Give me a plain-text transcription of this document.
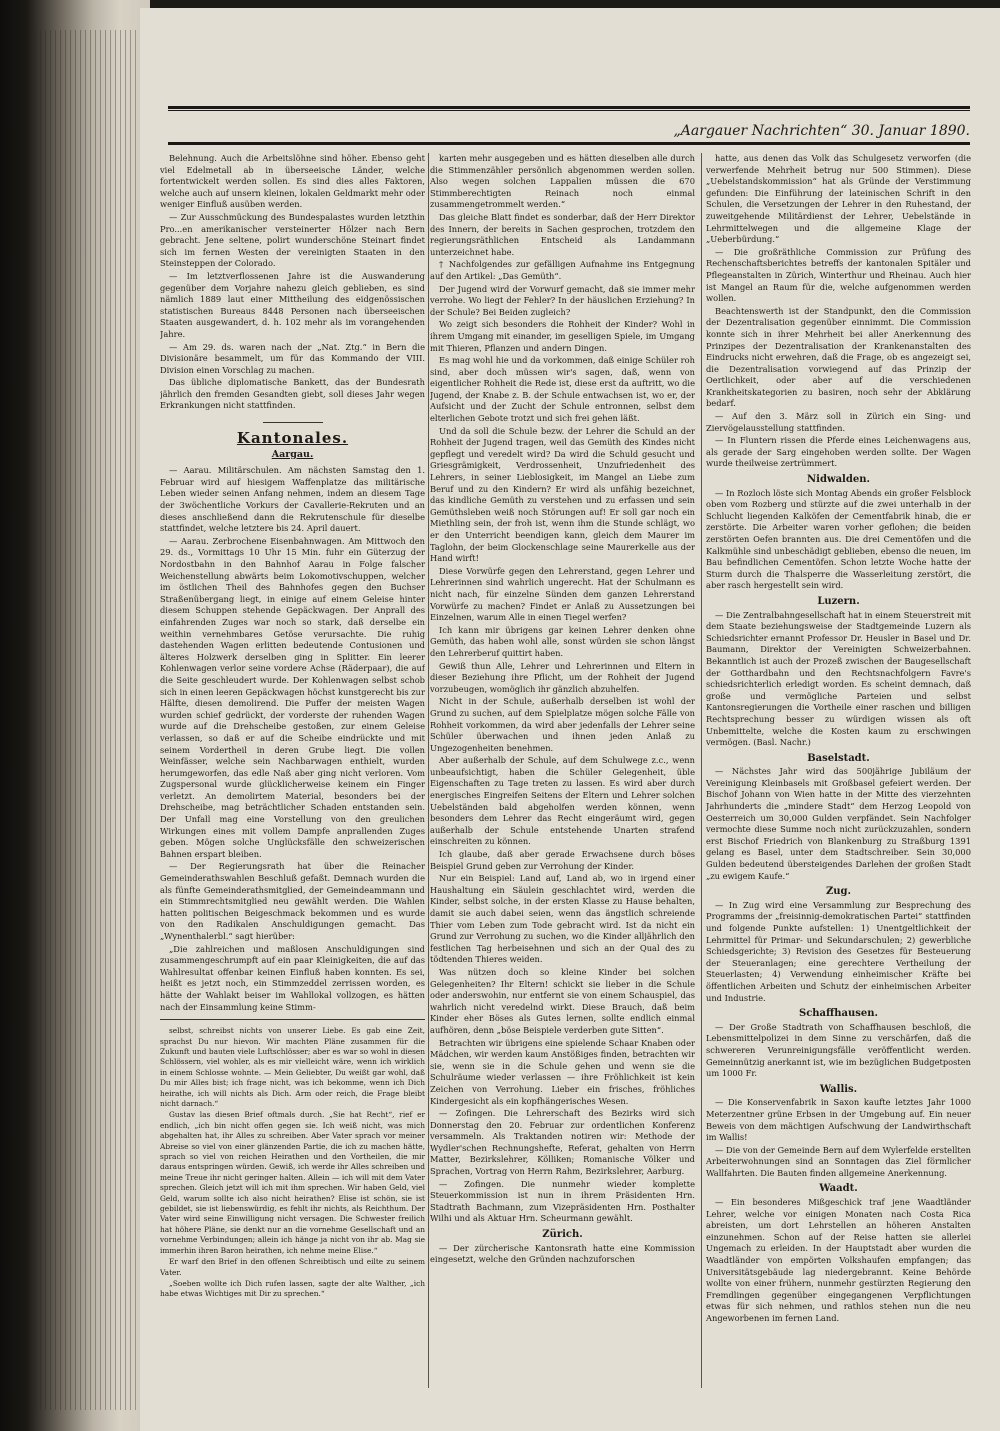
„Aargauer Nachrichten“ 30. Januar 1890.

Belehnung. Auch die Arbeitslöhne sind höher. Ebenso geht viel Edelmetall ab in überseeische Länder, welche fortentwickelt werden sollen. Es sind dies alles Faktoren, welche auch auf unsern kleinen, lokalen Geldmarkt mehr oder weniger Einfluß ausüben werden.

— Zur Ausschmückung des Bundespalastes wurden letzthin Pro...en amerikanischer versteinerter Hölzer nach Bern gebracht. Jene seltene, polirt wunderschöne Steinart findet sich im fernen Westen der vereinigten Staaten in den Steinsteppen der Colorado.

— Im letztverflossenen Jahre ist die Auswanderung gegenüber dem Vorjahre nahezu gleich geblieben, es sind nämlich 1889 laut einer Mittheilung des eidgenössischen statistischen Bureaus 8448 Personen nach überseeischen Staaten ausgewandert, d. h. 102 mehr als im vorangehenden Jahre.

— Am 29. ds. waren nach der „Nat. Ztg.“ in Bern die Divisionäre besammelt, um für das Kommando der VIII. Division einen Vorschlag zu machen.

Das übliche diplomatische Bankett, das der Bundesrath jährlich den fremden Gesandten giebt, soll dieses Jahr wegen Erkrankungen nicht stattfinden.

Kantonales.
Aargau.

— Aarau. Militärschulen. Am nächsten Samstag den 1. Februar wird auf hiesigem Waffenplatze das militärische Leben wieder seinen Anfang nehmen, indem an diesem Tage der 3wöchentliche Vorkurs der Cavallerie-Rekruten und an dieses anschließend dann die Rekrutenschule für dieselbe stattfindet, welche letztere bis 24. April dauert.

— Aarau. Zerbrochene Eisenbahnwagen. Am Mittwoch den 29. ds., Vormittags 10 Uhr 15 Min. fuhr ein Güterzug der Nordostbahn in den Bahnhof Aarau in Folge falscher Weichenstellung abwärts beim Lokomotivschuppen, welcher im östlichen Theil des Bahnhofes gegen den Buchser Straßenübergang liegt, in einige auf einem Geleise hinter diesem Schuppen stehende Gepäckwagen. Der Anprall des einfahrenden Zuges war noch so stark, daß derselbe ein weithin vernehmbares Getöse verursachte. Die ruhig dastehenden Wagen erlitten bedeutende Contusionen und älteres Holzwerk derselben ging in Splitter. Ein leerer Kohlenwagen verlor seine vordere Achse (Räderpaar), die auf die Seite geschleudert wurde. Der Kohlenwagen selbst schob sich in einen leeren Gepäckwagen höchst kunstgerecht bis zur Hälfte, diesen demolirend. Die Puffer der meisten Wagen wurden schief gedrückt, der vorderste der ruhenden Wagen wurde auf die Drehscheibe gestoßen, zur einem Geleise verlassen, so daß er auf die Scheibe eindrückte und mit seinem Vordertheil in deren Grube liegt. Die vollen Weinfässer, welche sein Nachbarwagen enthielt, wurden herumgeworfen, das edle Naß aber ging nicht verloren. Vom Zugspersonal wurde glücklicherweise keinem ein Finger verletzt. An demolirtem Material, besonders bei der Drehscheibe, mag beträchtlicher Schaden entstanden sein. Der Unfall mag eine Vorstellung von den greulichen Wirkungen eines mit vollem Dampfe anprallenden Zuges geben. Mögen solche Unglücksfälle den schweizerischen Bahnen erspart bleiben.

— Der Regierungsrath hat über die Reinacher Gemeinderathswahlen Beschluß gefaßt. Demnach wurden die als fünfte Gemeinderathsmitglied, der Gemeindeammann und ein Stimmrechtsmitglied neu gewählt werden. Die Wahlen hatten politischen Beigeschmack bekommen und es wurde von den Radikalen Anschuldigungen gemacht. Das „Wynenthalerbl.“ sagt hierüber:

„Die zahlreichen und maßlosen Anschuldigungen sind zusammengeschrumpft auf ein paar Kleinigkeiten, die auf das Wahlresultat offenbar keinen Einfluß haben konnten. Es sei, heißt es jetzt noch, ein Stimmzeddel zerrissen worden, es hätte der Wahlakt beiser im Wahllokal vollzogen, es hätten nach der Einsammlung keine Stimm-

selbst, schreibst nichts von unserer Liebe. Es gab eine Zeit, sprachst Du nur hievon. Wir machten Pläne zusammen für die Zukunft und bauten viele Luftschlösser; aber es war so wohl in diesen Schlössern, viel wohler, als es mir vielleicht wäre, wenn ich wirklich in einem Schlosse wohnte. — Mein Geliebter, Du weißt gar wohl, daß Du mir Alles bist; ich frage nicht, was ich bekomme, wenn ich Dich heirathe, ich will nichts als Dich. Arm oder reich, die Frage bleibt nicht darnach.“

Gustav las diesen Brief oftmals durch. „Sie hat Recht“, rief er endlich, „ich bin nicht offen gegen sie. Ich weiß nicht, was mich abgehalten hat, ihr Alles zu schreiben. Aber Vater sprach vor meiner Abreise so viel von einer glänzenden Partie, die ich zu machen hätte, sprach so viel von reichen Heirathen und den Vortheilen, die mir daraus entspringen würden. Gewiß, ich werde ihr Alles schreiben und meine Treue ihr nicht geringer halten. Allein — ich will mit dem Vater sprechen. Gleich jetzt will ich mit ihm sprechen. Wir haben Geld, viel Geld, warum sollte ich also nicht heirathen? Elise ist schön, sie ist gebildet, sie ist liebenswürdig, es fehlt ihr nichts, als Reichthum. Der Vater wird seine Einwilligung nicht versagen. Die Schwester freilich hat höhere Pläne, sie denkt nur an die vornehme Gesellschaft und an vornehme Verbindungen; allein ich hänge ja nicht von ihr ab. Mag sie immerhin ihren Baron heirathen, ich nehme meine Elise.“

Er warf den Brief in den offenen Schreibtisch und eilte zu seinem Vater.

„Soeben wollte ich Dich rufen lassen, sagte der alte Walther, „ich habe etwas Wichtiges mit Dir zu sprechen.“

karten mehr ausgegeben und es hätten dieselben alle durch die Stimmenzähler persönlich abgenommen werden sollen. Also wegen solchen Lappalien müssen die 670 Stimmberechtigten Reinach noch einmal zusammengetrommelt werden.“

Das gleiche Blatt findet es sonderbar, daß der Herr Direktor des Innern, der bereits in Sachen gesprochen, trotzdem den regierungsräthlichen Entscheid als Landammann unterzeichnet habe.

† Nachfolgendes zur gefälligen Aufnahme ins Entgegnung auf den Artikel: „Das Gemüth“.

Der Jugend wird der Vorwurf gemacht, daß sie immer mehr verrohe. Wo liegt der Fehler? In der häuslichen Erziehung? In der Schule? Bei Beiden zugleich?

Wo zeigt sich besonders die Rohheit der Kinder? Wohl in ihrem Umgang mit einander, im geselligen Spiele, im Umgang mit Thieren, Pflanzen und andern Dingen.

Es mag wohl hie und da vorkommen, daß einige Schüler roh sind, aber doch müssen wir's sagen, daß, wenn von eigentlicher Rohheit die Rede ist, diese erst da auftritt, wo die Jugend, der Knabe z. B. der Schule entwachsen ist, wo er, der Aufsicht und der Zucht der Schule entronnen, selbst dem elterlichen Gebote trotzt und sich frei gehen läßt.

Und da soll die Schule bezw. der Lehrer die Schuld an der Rohheit der Jugend tragen, weil das Gemüth des Kindes nicht gepflegt und veredelt wird? Da wird die Schuld gesucht und Griesgrämigkeit, Verdrossenheit, Unzufriedenheit des Lehrers, in seiner Lieblosigkeit, im Mangel an Liebe zum Beruf und zu den Kindern? Er wird als unfähig bezeichnet, das kindliche Gemüth zu verstehen und zu erfassen und sein Gemüthsleben weiß noch Störungen auf! Er soll gar noch ein Miethling sein, der froh ist, wenn ihm die Stunde schlägt, wo er den Unterricht beendigen kann, gleich dem Maurer im Taglohn, der beim Glockenschlage seine Maurerkelle aus der Hand wirft!

Diese Vorwürfe gegen den Lehrerstand, gegen Lehrer und Lehrerinnen sind wahrlich ungerecht. Hat der Schulmann es nicht nach, für einzelne Sünden dem ganzen Lehrerstand Vorwürfe zu machen? Findet er Anlaß zu Aussetzungen bei Einzelnen, warum Alle in einen Tiegel werfen?

Ich kann mir übrigens gar keinen Lehrer denken ohne Gemüth, das haben wohl alle, sonst würden sie schon längst den Lehrerberuf quittirt haben.

Gewiß thun Alle, Lehrer und Lehrerinnen und Eltern in dieser Beziehung ihre Pflicht, um der Rohheit der Jugend vorzubeugen, womöglich ihr gänzlich abzuhelfen.

Nicht in der Schule, außerhalb derselben ist wohl der Grund zu suchen, auf dem Spielplatze mögen solche Fälle von Rohheit vorkommen, da wird aber jedenfalls der Lehrer seine Schüler überwachen und ihnen jeden Anlaß zu Ungezogenheiten benehmen.

Aber außerhalb der Schule, auf dem Schulwege z.c., wenn unbeaufsichtigt, haben die Schüler Gelegenheit, üble Eigenschaften zu Tage treten zu lassen. Es wird aber durch energisches Eingreifen Seitens der Eltern und Lehrer solchen Uebelständen bald abgeholfen werden können, wenn besonders dem Lehrer das Recht eingeräumt wird, gegen außerhalb der Schule entstehende Unarten strafend einschreiten zu können.

Ich glaube, daß aber gerade Erwachsene durch böses Beispiel Grund geben zur Verrohung der Kinder.

Nur ein Beispiel: Land auf, Land ab, wo in irgend einer Haushaltung ein Säulein geschlachtet wird, werden die Kinder, selbst solche, in der ersten Klasse zu Hause behalten, damit sie auch dabei seien, wenn das ängstlich schreiende Thier vom Leben zum Tode gebracht wird. Ist da nicht ein Grund zur Verrohung zu suchen, wo die Kinder alljährlich den festlichen Tag herbeisehnen und sich an der Qual des zu tödtenden Thieres weiden.

Was nützen doch so kleine Kinder bei solchen Gelegenheiten? Ihr Eltern! schickt sie lieber in die Schule oder anderswohin, nur entfernt sie von einem Schauspiel, das wahrlich nicht veredelnd wirkt. Diese Brauch, daß beim Kinder eher Böses als Gutes lernen, sollte endlich einmal aufhören, denn „böse Beispiele verderben gute Sitten“.

Betrachten wir übrigens eine spielende Schaar Knaben oder Mädchen, wir werden kaum Anstößiges finden, betrachten wir sie, wenn sie in die Schule gehen und wenn sie die Schulräume wieder verlassen — ihre Fröhlichkeit ist kein Zeichen von Verrohung. Lieber ein frisches, fröhliches Kindergesicht als ein kopfhängerisches Wesen.

— Zofingen. Die Lehrerschaft des Bezirks wird sich Donnerstag den 20. Februar zur ordentlichen Konferenz versammeln. Als Traktanden notiren wir: Methode der Wydler'schen Rechnungshefte, Referat, gehalten von Herrn Matter, Bezirkslehrer, Kölliken; Romanische Völker und Sprachen, Vortrag von Herrn Rahm, Bezirkslehrer, Aarburg.

— Zofingen. Die nunmehr wieder komplette Steuerkommission ist nun in ihrem Präsidenten Hrn. Stadtrath Bachmann, zum Vizepräsidenten Hrn. Posthalter Wilhi und als Aktuar Hrn. Scheurmann gewählt.

Zürich.

— Der zürcherische Kantonsrath hatte eine Kommission eingesetzt, welche den Gründen nachzuforschen

hatte, aus denen das Volk das Schulgesetz verworfen (die verwerfende Mehrheit betrug nur 500 Stimmen). Diese „Uebelstandskommission“ hat als Gründe der Verstimmung gefunden: Die Einführung der lateinischen Schrift in den Schulen, die Versetzungen der Lehrer in den Ruhestand, der zuweitgehende Militärdienst der Lehrer, Uebelstände in Lehrmittelwegen und die allgemeine Klage der „Ueberbürdung.“

— Die großräthliche Commission zur Prüfung des Rechenschaftsberichtes betreffs der kantonalen Spitäler und Pflegeanstalten in Zürich, Winterthur und Rheinau. Auch hier ist Mangel an Raum für die, welche aufgenommen werden wollen.

Beachtenswerth ist der Standpunkt, den die Commission der Dezentralisation gegenüber einnimmt. Die Commission konnte sich in ihrer Mehrheit bei aller Anerkennung des Prinzipes der Dezentralisation der Krankenanstalten des Eindrucks nicht erwehren, daß die Frage, ob es angezeigt sei, die Dezentralisation vorwiegend auf das Prinzip der Oertlichkeit, oder aber auf die verschiedenen Krankheitskategorien zu basiren, noch sehr der Abklärung bedarf.

— Auf den 3. März soll in Zürich ein Sing- und Ziervögelausstellung stattfinden.

— In Fluntern rissen die Pferde eines Leichenwagens aus, als gerade der Sarg eingehoben werden sollte. Der Wagen wurde theilweise zertrümmert.

Nidwalden.

— In Rozloch löste sich Montag Abends ein großer Felsblock oben vom Rozberg und stürzte auf die zwei unterhalb in der Schlucht liegenden Kalköfen der Cementfabrik hinab, die er zerstörte. Die Arbeiter waren vorher geflohen; die beiden zerstörten Oefen brannten aus. Die drei Cementöfen und die Kalkmühle sind unbeschädigt geblieben, ebenso die neuen, im Bau befindlichen Cementöfen. Schon letzte Woche hatte der Sturm durch die Thalsperre die Wasserleitung zerstört, die aber rasch hergestellt sein wird.

Luzern.

— Die Zentralbahngesellschaft hat in einem Steuerstreit mit dem Staate beziehungsweise der Stadtgemeinde Luzern als Schiedsrichter ernannt Professor Dr. Heusler in Basel und Dr. Baumann, Direktor der Vereinigten Schweizerbahnen. Bekanntlich ist auch der Prozeß zwischen der Baugesellschaft der Gotthardbahn und den Rechtsnachfolgern Favre's schiedsrichterlich erledigt worden. Es scheint demnach, daß große und vermögliche Parteien und selbst Kantonsregierungen die Vortheile einer raschen und billigen Rechtsprechung besser zu würdigen wissen als oft Unbemittelte, welche die Kosten kaum zu erschwingen vermögen. (Basl. Nachr.)

Baselstadt.

— Nächstes Jahr wird das 500jährige Jubiläum der Vereinigung Kleinbasels mit Großbasel gefeiert werden. Der Bischof Johann von Wien hatte in der Mitte des vierzehnten Jahrhunderts die „mindere Stadt“ dem Herzog Leopold von Oesterreich um 30,000 Gulden verpfändet. Sein Nachfolger vermochte diese Summe noch nicht zurückzuzahlen, sondern erst Bischof Friedrich von Blankenburg zu Straßburg 1391 gelang es Basel, unter dem Stadtschreiber. Sein 30,000 Gulden bedeutend übersteigendes Darlehen der großen Stadt „zu ewigem Kaufe.“

Zug.

— In Zug wird eine Versammlung zur Besprechung des Programms der „freisinnig-demokratischen Partei“ stattfinden und folgende Punkte aufstellen: 1) Unentgeltlichkeit der Lehrmittel für Primar- und Sekundarschulen; 2) gewerbliche Schiedsgerichte; 3) Revision des Gesetzes für Besteuerung der Steueranlagen; eine gerechtere Vertheilung der Steuerlasten; 4) Verwendung einheimischer Kräfte bei öffentlichen Arbeiten und Schutz der einheimischen Arbeiter und Industrie.

Schaffhausen.

— Der Große Stadtrath von Schaffhausen beschloß, die Lebensmittelpolizei in dem Sinne zu verschärfen, daß die schwereren Verunreinigungsfälle veröffentlicht werden. Gemeinnützig anerkannt ist, wie im bezüglichen Budgetposten um 1000 Fr.

Wallis.

— Die Konservenfabrik in Saxon kaufte letztes Jahr 1000 Meterzentner grüne Erbsen in der Umgebung auf. Ein neuer Beweis von dem mächtigen Aufschwung der Landwirthschaft im Wallis!

— Die von der Gemeinde Bern auf dem Wylerfelde erstellten Arbeiterwohnungen sind an Sonntagen das Ziel förmlicher Wallfahrten. Die Bauten finden allgemeine Anerkennung.

Waadt.

— Ein besonderes Mißgeschick traf jene Waadtländer Lehrer, welche vor einigen Monaten nach Costa Rica abreisten, um dort Lehrstellen an höheren Anstalten einzunehmen. Schon auf der Reise hatten sie allerlei Ungemach zu erleiden. In der Hauptstadt aber wurden die Waadtländer von empörten Volkshaufen empfangen; das Universitätsgebäude lag niedergebrannt. Keine Behörde wollte von einer frühern, nunmehr gestürzten Regierung den Fremdlingen gegenüber eingegangenen Verpflichtungen etwas für sich nehmen, und rathlos stehen nun die neu Angeworbenen im fernen Land.
